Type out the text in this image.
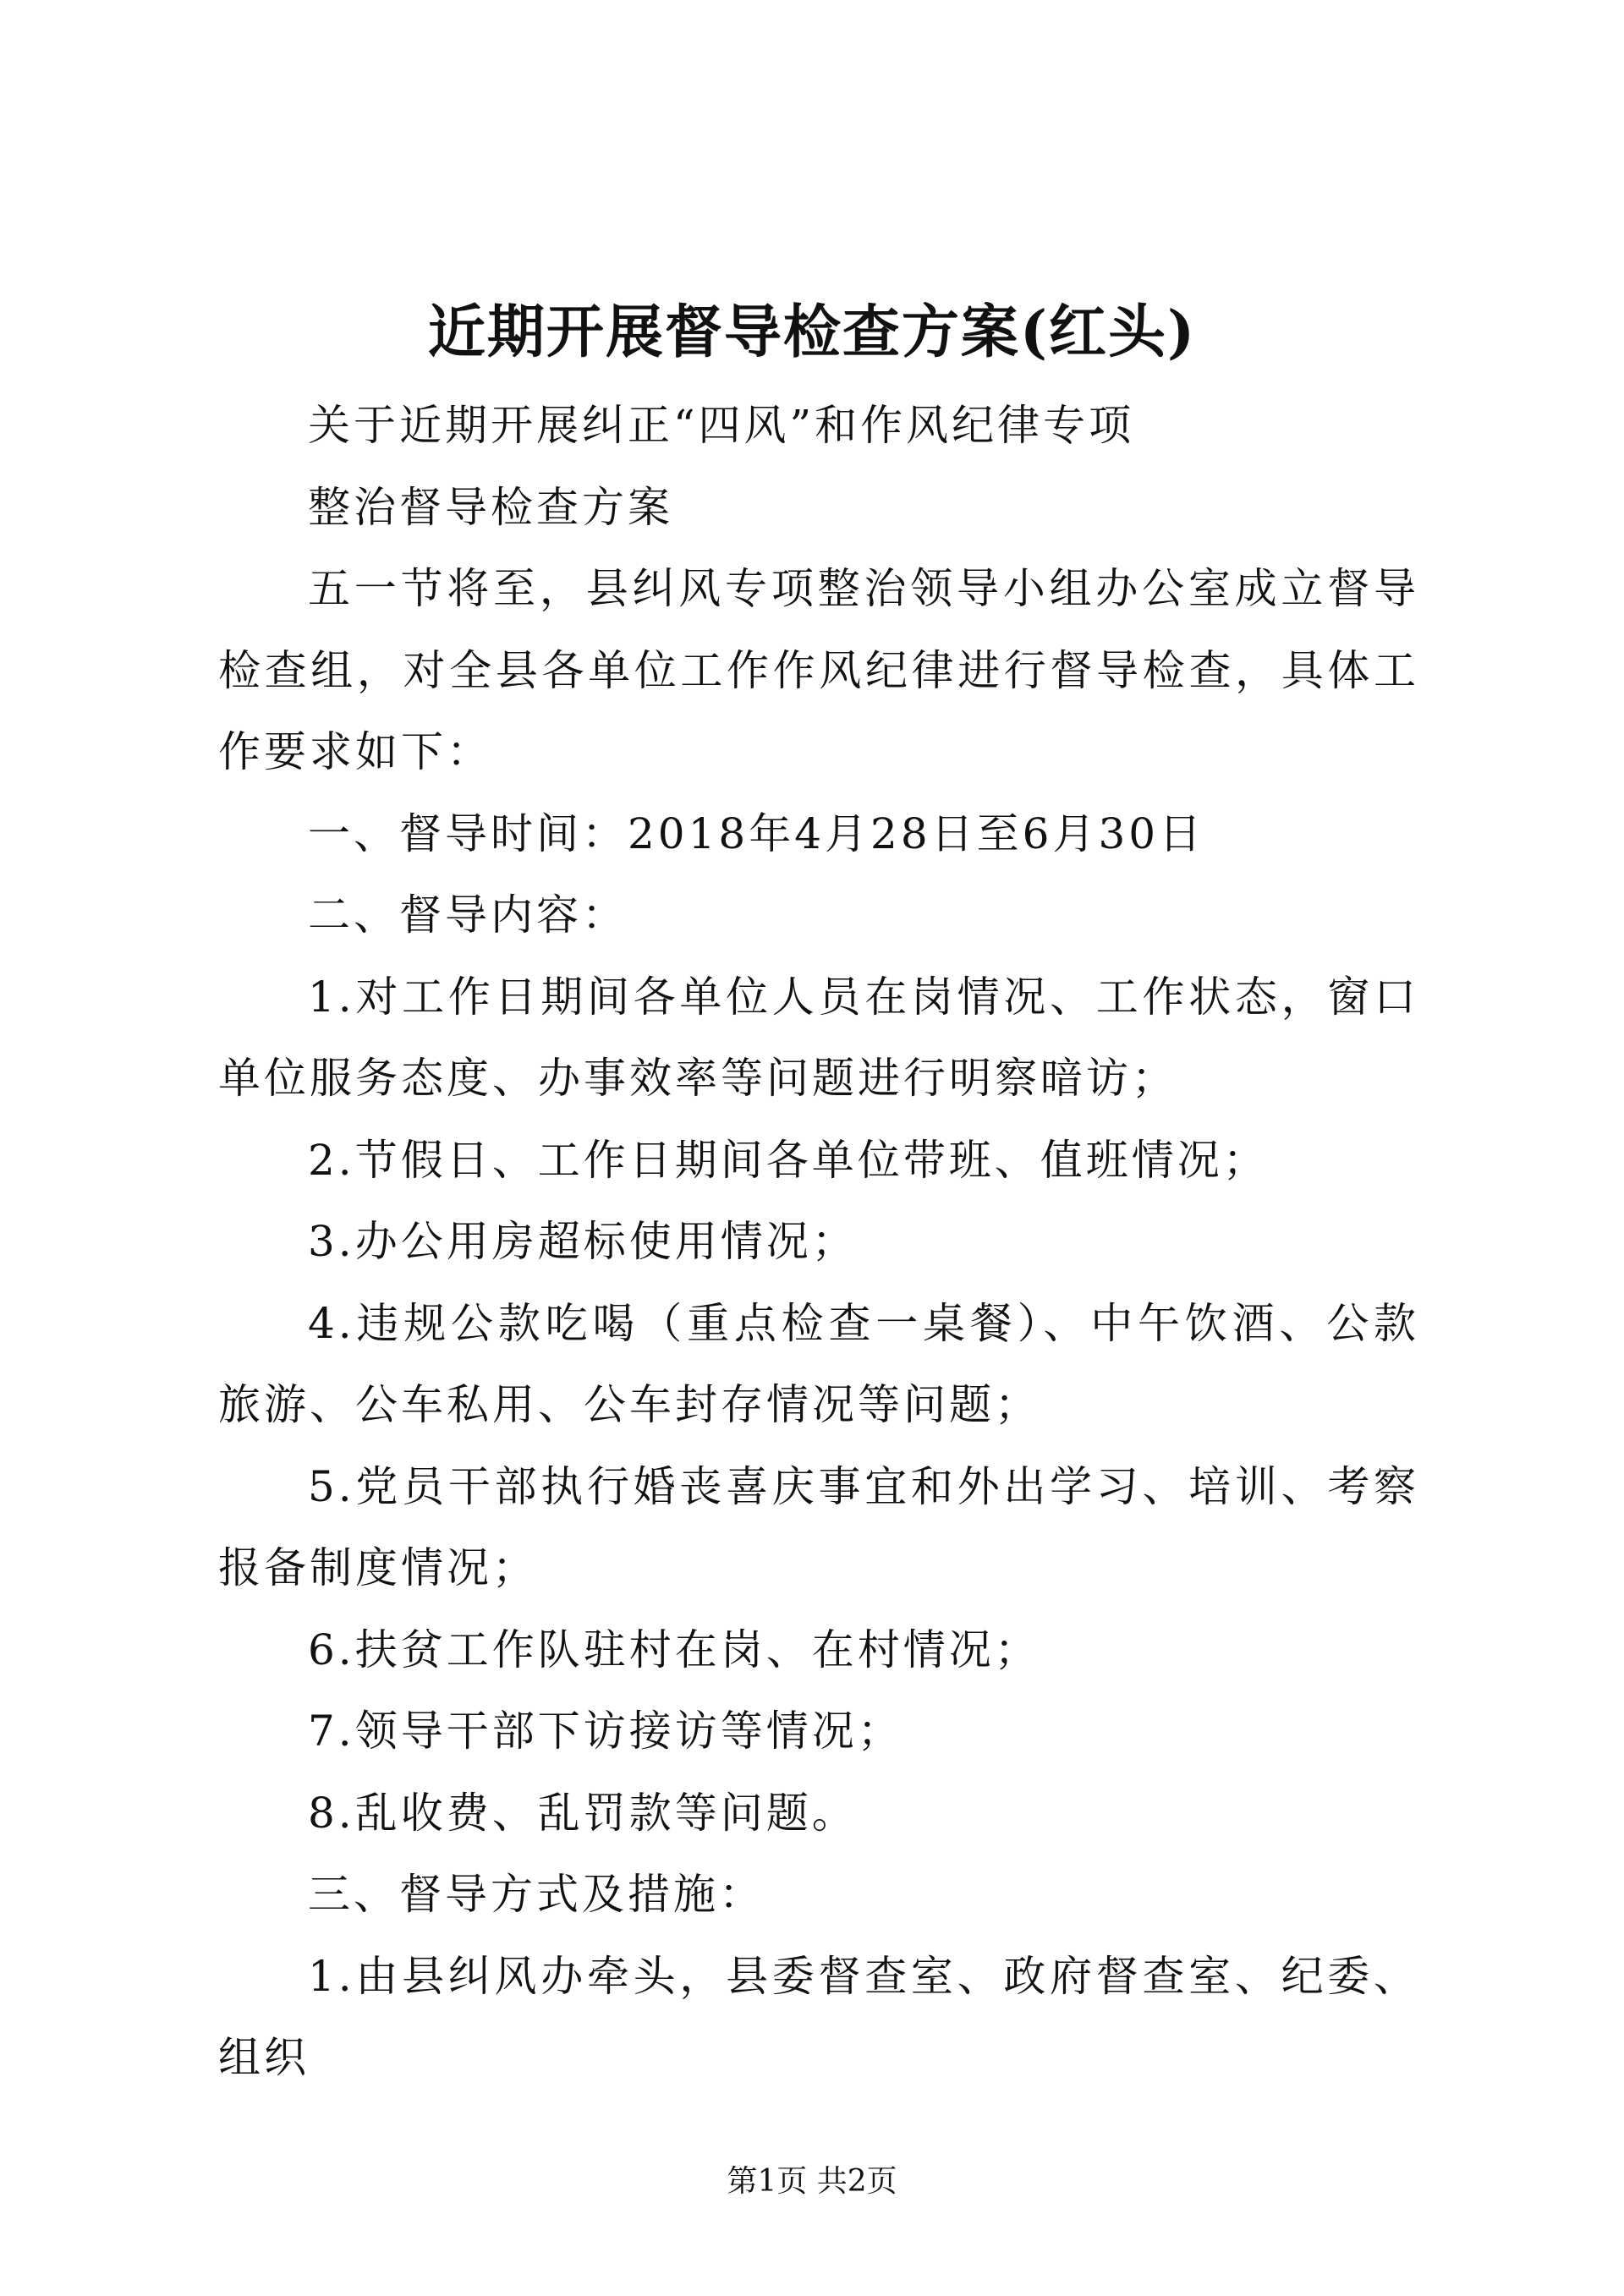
近期开展督导检查方案(红头)

关于近期开展纠正“四风”和作风纪律专项

整治督导检查方案

五一节将至，县纠风专项整治领导小组办公室成立督导检查组，对全县各单位工作作风纪律进行督导检查，具体工作要求如下：

一、督导时间：2018年4月28日至6月30日

二、督导内容：

1.对工作日期间各单位人员在岗情况、工作状态，窗口单位服务态度、办事效率等问题进行明察暗访；

2.节假日、工作日期间各单位带班、值班情况；

3.办公用房超标使用情况；

4.违规公款吃喝（重点检查一桌餐）、中午饮酒、公款旅游、公车私用、公车封存情况等问题；

5.党员干部执行婚丧喜庆事宜和外出学习、培训、考察报备制度情况；

6.扶贫工作队驻村在岗、在村情况；

7.领导干部下访接访等情况；

8.乱收费、乱罚款等问题。

三、督导方式及措施：

1.由县纠风办牵头，县委督查室、政府督查室、纪委、组织

第1页 共2页
